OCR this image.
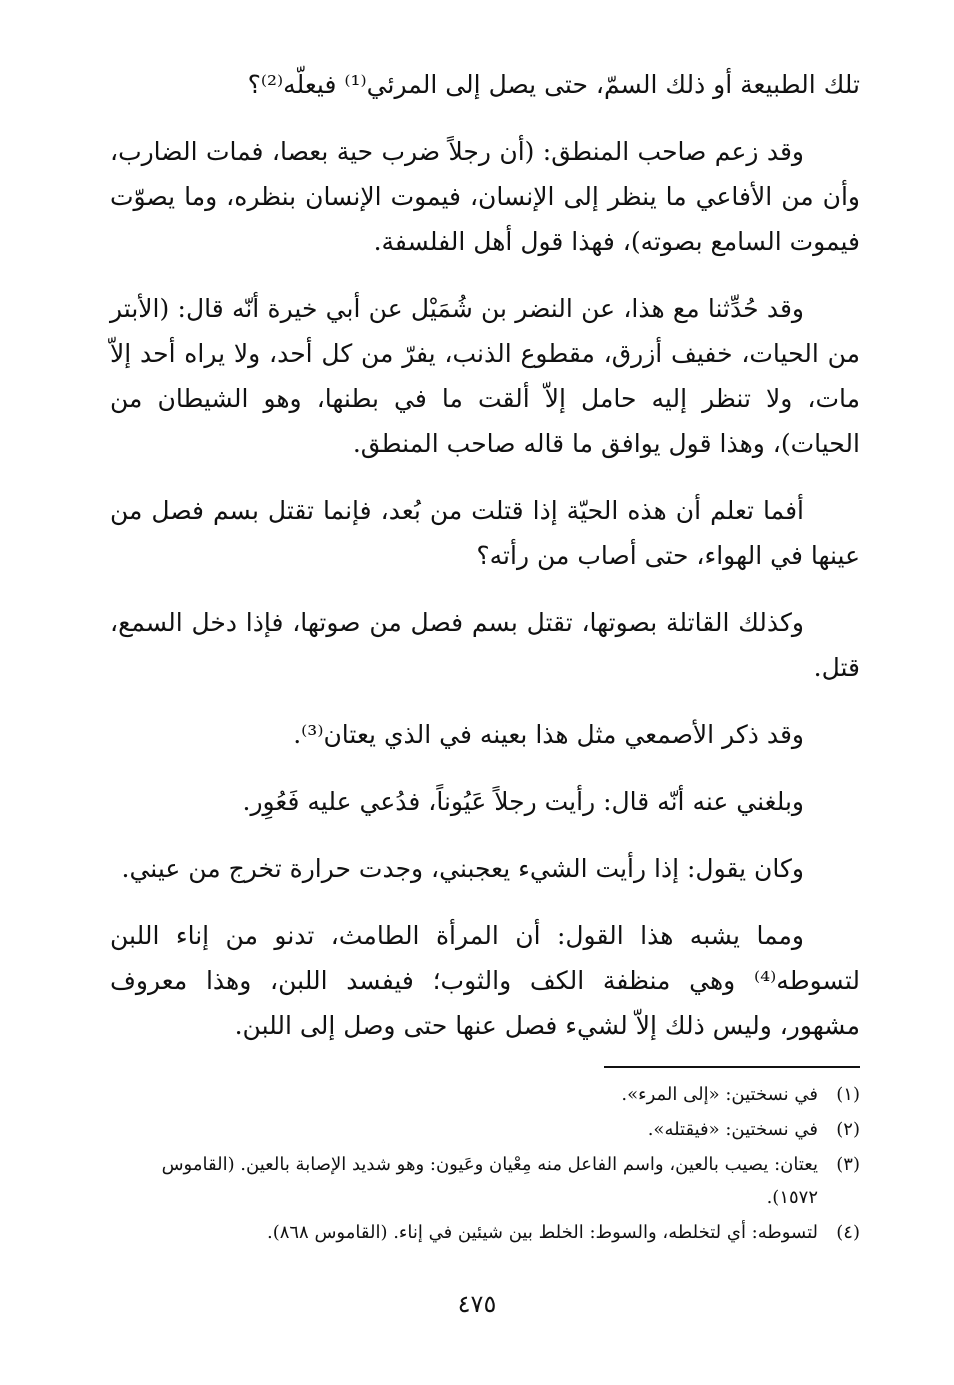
تلك الطبيعة أو ذلك السمّ، حتى يصل إلى المرئي⁽¹⁾ فيعلّه⁽²⁾؟

وقد زعم صاحب المنطق: (أن رجلاً ضرب حية بعصا، فمات الضارب، وأن من الأفاعي ما ينظر إلى الإنسان، فيموت الإنسان بنظره، وما يصوّت فيموت السامع بصوته)، فهذا قول أهل الفلسفة.

وقد حُدِّثنا مع هذا، عن النضر بن شُمَيْل عن أبي خيرة أنّه قال: (الأبتر من الحيات، خفيف أزرق، مقطوع الذنب، يفرّ من كل أحد، ولا يراه أحد إلاّ مات، ولا تنظر إليه حامل إلاّ ألقت ما في بطنها، وهو الشيطان من الحيات)، وهذا قول يوافق ما قاله صاحب المنطق.

أفما تعلم أن هذه الحيّة إذا قتلت من بُعد، فإنما تقتل بسم فصل من عينها في الهواء، حتى أصاب من رأته؟

وكذلك القاتلة بصوتها، تقتل بسم فصل من صوتها، فإذا دخل السمع، قتل.

وقد ذكر الأصمعي مثل هذا بعينه في الذي يعتان⁽³⁾.

وبلغني عنه أنّه قال: رأيت رجلاً عَيُوناً، فدُعي عليه فَعُوِر.

وكان يقول: إذا رأيت الشيء يعجبني، وجدت حرارة تخرج من عيني.

ومما يشبه هذا القول: أن المرأة الطامث، تدنو من إناء اللبن لتسوطه⁽⁴⁾ وهي منظفة الكف والثوب؛ فيفسد اللبن، وهذا معروف مشهور، وليس ذلك إلاّ لشيء فصل عنها حتى وصل إلى اللبن.

(١)
في نسختين: «إلى المرء».
(٢)
في نسختين: «فيقتله».
(٣)
يعتان: يصيب بالعين، واسم الفاعل منه مِعْيان وعَيون: وهو شديد الإصابة بالعين. (القاموس ١٥٧٢).
(٤)
لتسوطه: أي لتخلطه، والسوط: الخلط بين شيئين في إناء. (القاموس ٨٦٨).
٤٧٥
